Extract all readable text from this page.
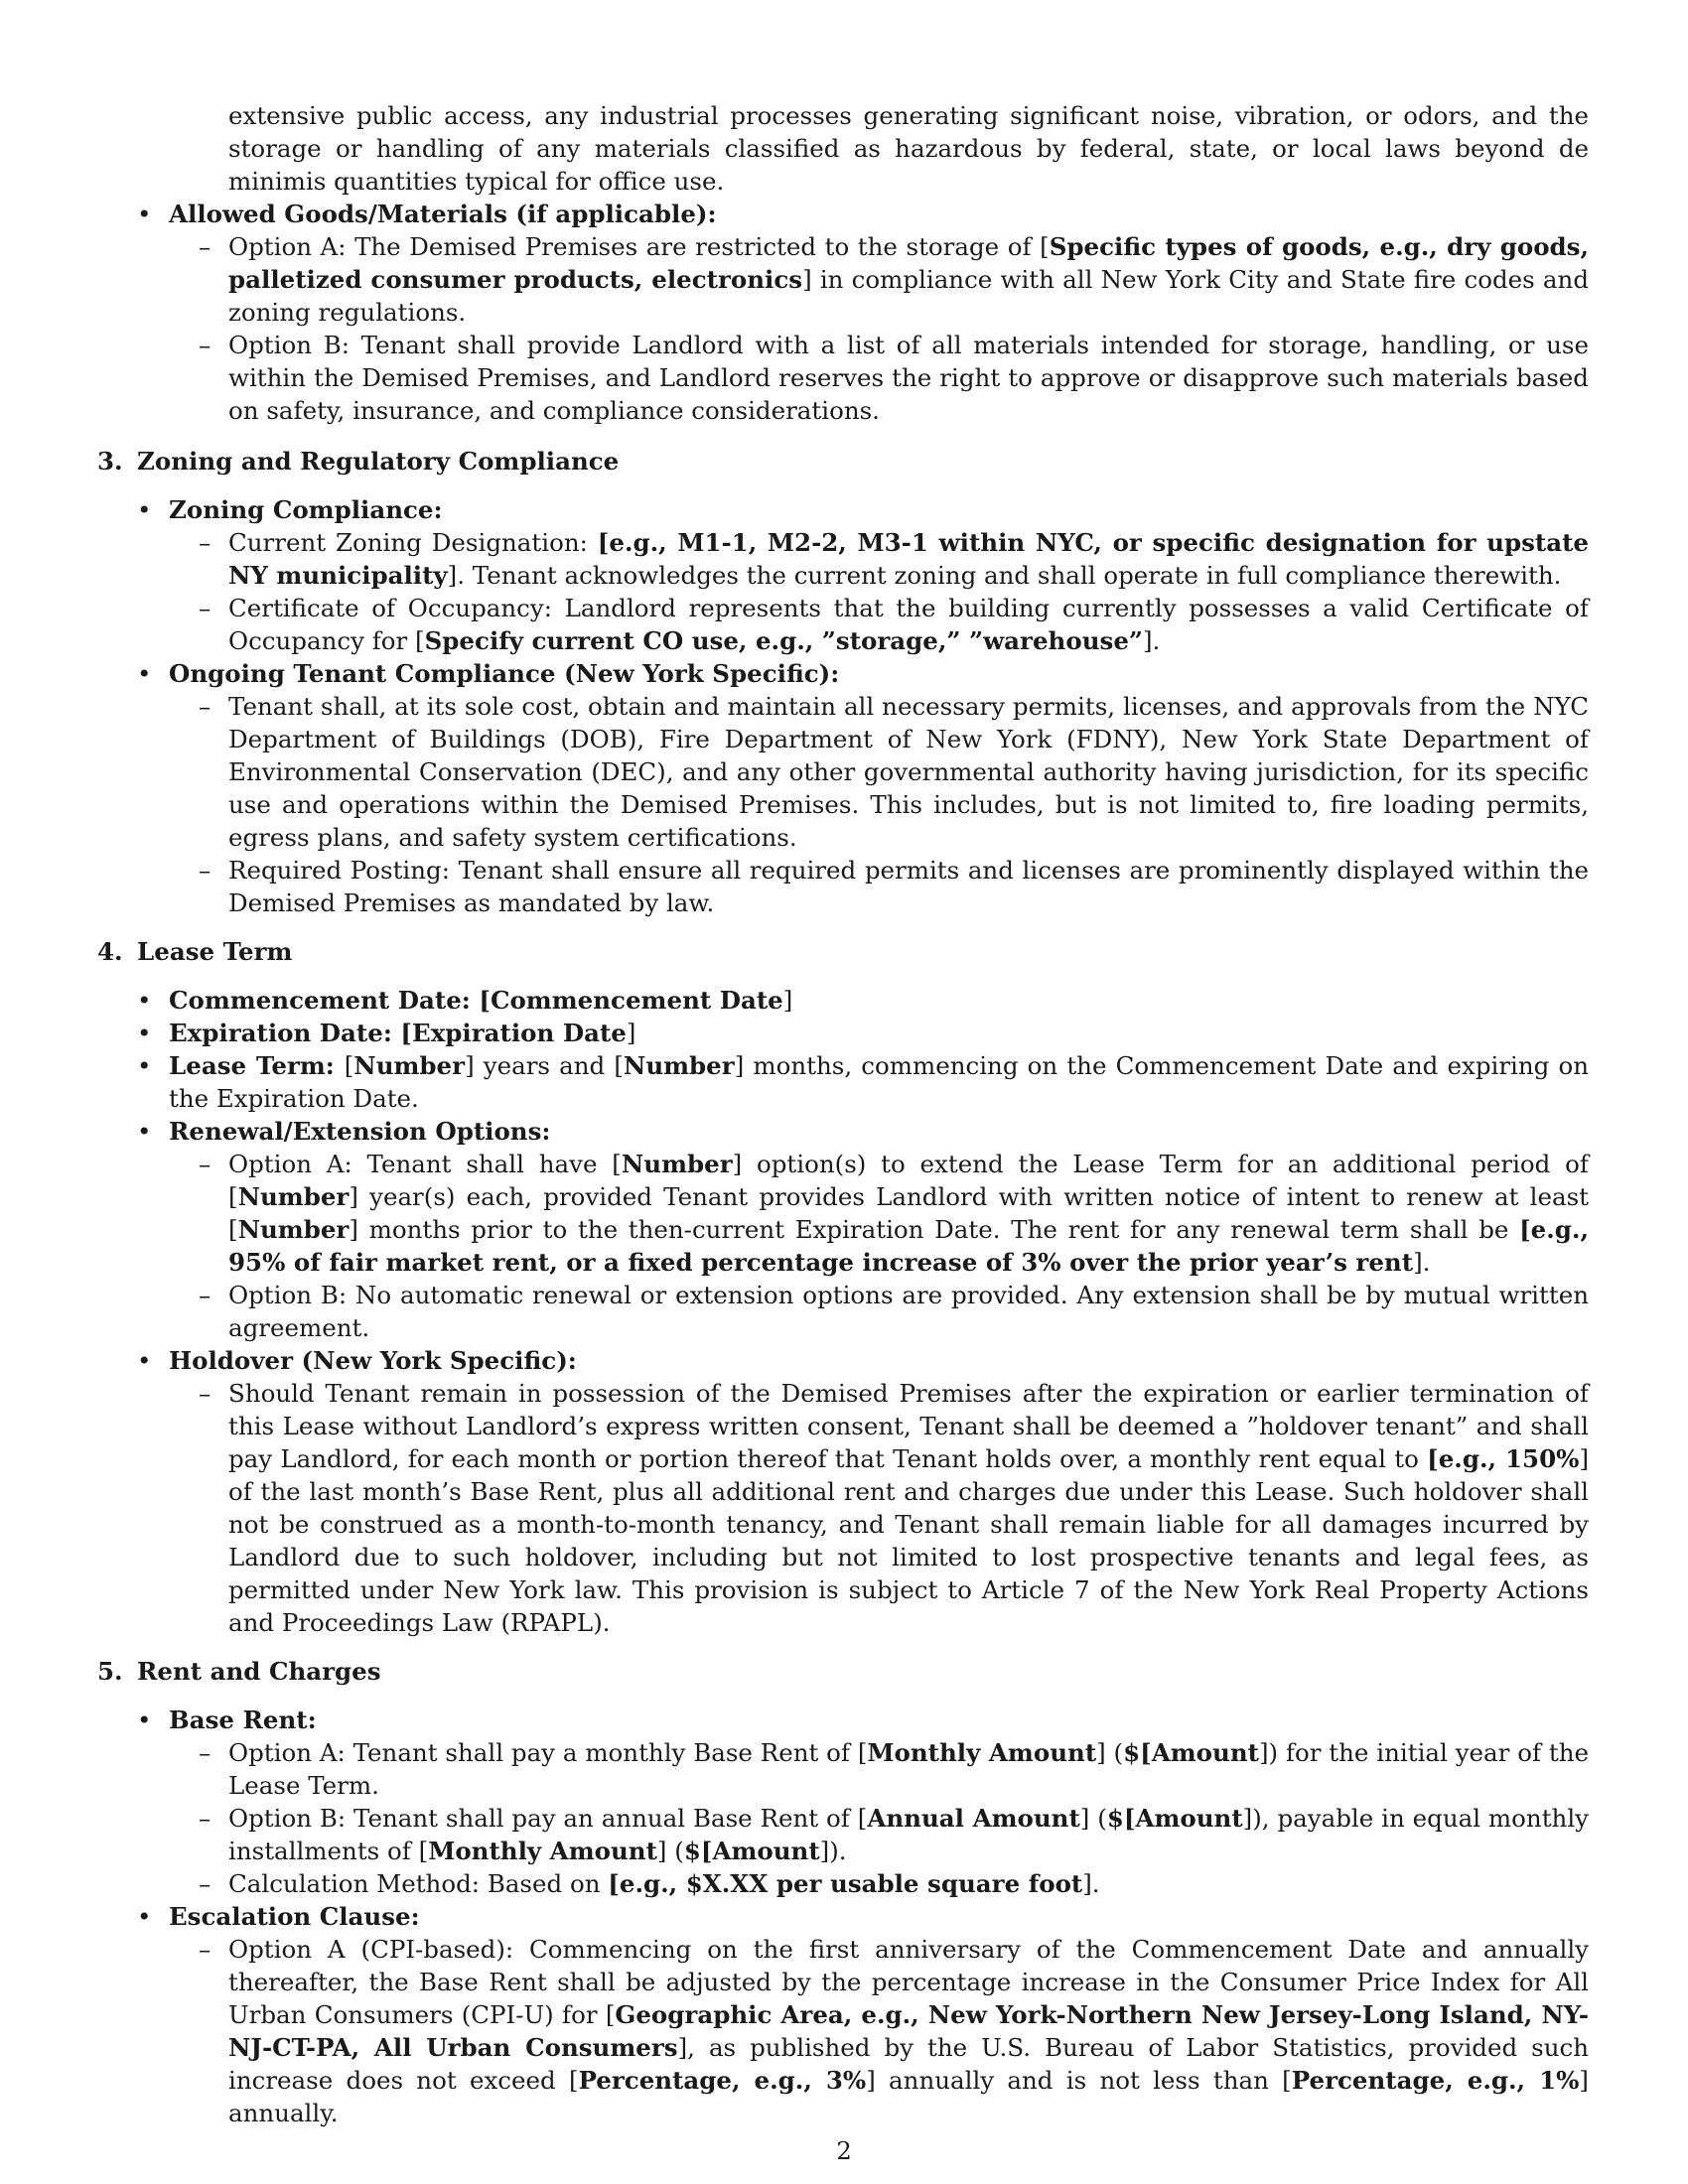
extensive public access, any industrial processes generating significant noise, vibration, or odors, and the storage or handling of any materials classified as hazardous by federal, state, or local laws beyond de minimis quantities typical for office use.

• Allowed Goods/Materials (if applicable):

– Option A: The Demised Premises are restricted to the storage of [Specific types of goods, e.g., dry goods, palletized consumer products, electronics] in compliance with all New York City and State fire codes and zoning regulations.

– Option B: Tenant shall provide Landlord with a list of all materials intended for storage, handling, or use within the Demised Premises, and Landlord reserves the right to approve or disapprove such materials based on safety, insurance, and compliance considerations.

3. Zoning and Regulatory Compliance
• Zoning Compliance:

– Current Zoning Designation: [e.g., M1-1, M2-2, M3-1 within NYC, or specific designation for upstate NY municipality]. Tenant acknowledges the current zoning and shall operate in full compliance therewith.

– Certificate of Occupancy: Landlord represents that the building currently possesses a valid Certificate of Occupancy for [Specify current CO use, e.g., ”storage,” ”warehouse”].

• Ongoing Tenant Compliance (New York Specific):

– Tenant shall, at its sole cost, obtain and maintain all necessary permits, licenses, and approvals from the NYC Department of Buildings (DOB), Fire Department of New York (FDNY), New York State Department of Environmental Conservation (DEC), and any other governmental authority having jurisdiction, for its specific use and operations within the Demised Premises. This includes, but is not limited to, fire loading permits, egress plans, and safety system certifications.

– Required Posting: Tenant shall ensure all required permits and licenses are prominently displayed within the Demised Premises as mandated by law.

4. Lease Term

• Commencement Date: [Commencement Date]

• Expiration Date: [Expiration Date]

• Lease Term: [Number] years and [Number] months, commencing on the Commencement Date and expiring on the Expiration Date.

• Renewal/Extension Options:

– Option A: Tenant shall have [Number] option(s) to extend the Lease Term for an additional period of [Number] year(s) each, provided Tenant provides Landlord with written notice of intent to renew at least [Number] months prior to the then-current Expiration Date. The rent for any renewal term shall be [e.g., 95% of fair market rent, or a fixed percentage increase of 3% over the prior year’s rent].

– Option B: No automatic renewal or extension options are provided. Any extension shall be by mutual written agreement.

• Holdover (New York Specific):

– Should Tenant remain in possession of the Demised Premises after the expiration or earlier termination of this Lease without Landlord’s express written consent, Tenant shall be deemed a ”holdover tenant” and shall pay Landlord, for each month or portion thereof that Tenant holds over, a monthly rent equal to [e.g., 150%] of the last month’s Base Rent, plus all additional rent and charges due under this Lease. Such holdover shall not be construed as a month-to-month tenancy, and Tenant shall remain liable for all damages incurred by Landlord due to such holdover, including but not limited to lost prospective tenants and legal fees, as permitted under New York law. This provision is subject to Article 7 of the New York Real Property Actions and Proceedings Law (RPAPL).

5. Rent and Charges
• Base Rent:

– Option A: Tenant shall pay a monthly Base Rent of [Monthly Amount] ($[Amount]) for the initial year of the Lease Term.

– Option B: Tenant shall pay an annual Base Rent of [Annual Amount] ($[Amount]), payable in equal monthly installments of [Monthly Amount] ($[Amount]).

– Calculation Method: Based on [e.g., $X.XX per usable square foot].

• Escalation Clause:

– Option A (CPI-based): Commencing on the first anniversary of the Commencement Date and annually thereafter, the Base Rent shall be adjusted by the percentage increase in the Consumer Price Index for All Urban Consumers (CPI-U) for [Geographic Area, e.g., New York-Northern New Jersey-Long Island, NY-NJ-CT-PA, All Urban Consumers], as published by the U.S. Bureau of Labor Statistics, provided such increase does not exceed [Percentage, e.g., 3%] annually and is not less than [Percentage, e.g., 1%] annually.

2
